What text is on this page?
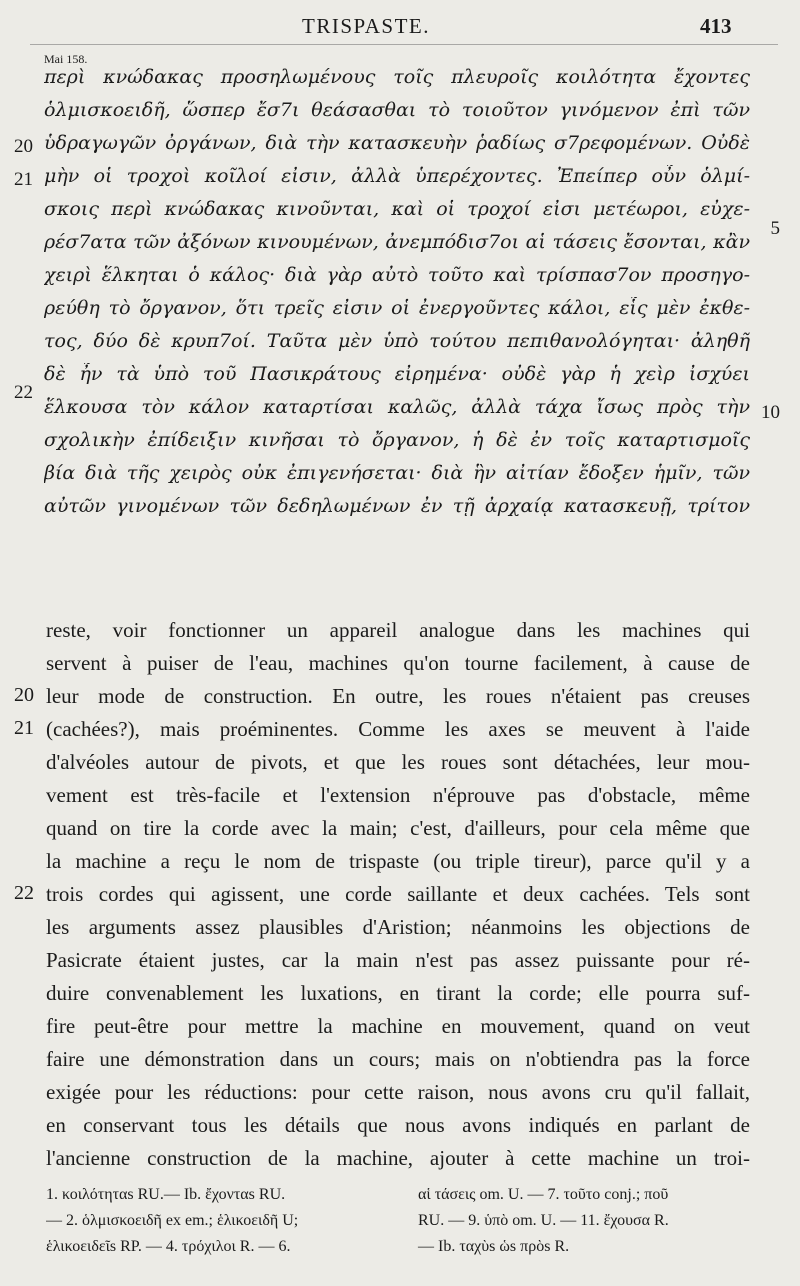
TRISPASTE.	413
Mai 158.
περὶ κνώδακας προσηλωμένους τοῖς πλευροῖς κοιλότητα ἔχοντες
ὁλμισκοειδῆ, ὥσπερ ἔσ7ι θεάσασθαι τὸ τοιοῦτον γινόμενον ἐπὶ τῶν
20 ὑδραγωγῶν ὀργάνων, διὰ τὴν κατασκευὴν ῥαδίως σ7ρεφομένων. Οὐδὲ
21 μὴν οἱ τροχοὶ κοῖλοί εἰσιν, ἀλλὰ ὑπερέχοντες. Ἐπείπερ οὖν ὁλμί-
σκοις περὶ κνώδακας κινοῦνται, καὶ οἱ τροχοί εἰσι μετέωροι, εὐχε-
5
ρέσ7ατα τῶν ἀξόνων κινουμένων, ἀνεμπόδισ7οι αἱ τάσεις ἔσονται, κἂν
χειρὶ ἕλκηται ὁ κάλος· διὰ γὰρ αὐτὸ τοῦτο καὶ τρίσπασ7ον προσηγο-
ρεύθη τὸ ὄργανον, ὅτι τρεῖς εἰσιν οἱ ἐνεργοῦντες κάλοι, εἷς μὲν ἐκθε-
22
τος, δύο δὲ κρυπ7οί. Ταῦτα μὲν ὑπὸ τούτου πεπιθανολόγηται· ἀληθῆ
δὲ ἦν τὰ ὑπὸ τοῦ Πασικράτους εἰρημένα· οὐδὲ γὰρ ἡ χεὶρ ἰσχύει
10
ἕλκουσα τὸν κάλον καταρτίσαι καλῶς, ἀλλὰ τάχα ἴσως πρὸς τὴν
σχολικὴν ἐπίδειξιν κινῆσαι τὸ ὄργανον, ἡ δὲ ἐν τοῖς καταρτισμοῖς
βία διὰ τῆς χειρὸς οὐκ ἐπιγενήσεται· διὰ ἣν αἰτίαν ἔδοξεν ἡμῖν, τῶν
αὐτῶν γινομένων τῶν δεδηλωμένων ἐν τῇ ἀρχαίᾳ κατασκευῇ, τρίτον
reste, voir fonctionner un appareil analogue dans les machines qui
servent à puiser de l'eau, machines qu'on tourne facilement, à cause de
20 leur mode de construction. En outre, les roues n'étaient pas creuses
21 (cachées?), mais proéminentes. Comme les axes se meuvent à l'aide
d'alvéoles autour de pivots, et que les roues sont détachées, leur mou-
vement est très-facile et l'extension n'éprouve pas d'obstacle, même
quand on tire la corde avec la main; c'est, d'ailleurs, pour cela même que
la machine a reçu le nom de trispaste (ou triple tireur), parce qu'il y a
22 trois cordes qui agissent, une corde saillante et deux cachées. Tels sont
les arguments assez plausibles d'Aristion; néanmoins les objections de
Pasicrate étaient justes, car la main n'est pas assez puissante pour ré-
duire convenablement les luxations, en tirant la corde; elle pourra suf-
fire peut-être pour mettre la machine en mouvement, quand on veut
faire une démonstration dans un cours; mais on n'obtiendra pas la force
exigée pour les réductions: pour cette raison, nous avons cru qu'il fallait,
en conservant tous les détails que nous avons indiqués en parlant de
l'ancienne construction de la machine, ajouter à cette machine un troi-
1. κοιλότηταs RU.— Ib. ἔχονταs RU.	αἱ τάσεις om. U. — 7. τοῦτο conj.; ποῦ
— 2. ὁλμισκοειδῆ ex em.; ἑλικοειδῆ U;	RU. — 9. ὑπὸ om. U. — 11. ἔχουσα R.
ἑλικοειδεῖs RP. — 4. τρόχιλοι R. — 6.	— Ib. ταχὺs ὡs πρὸs R.
